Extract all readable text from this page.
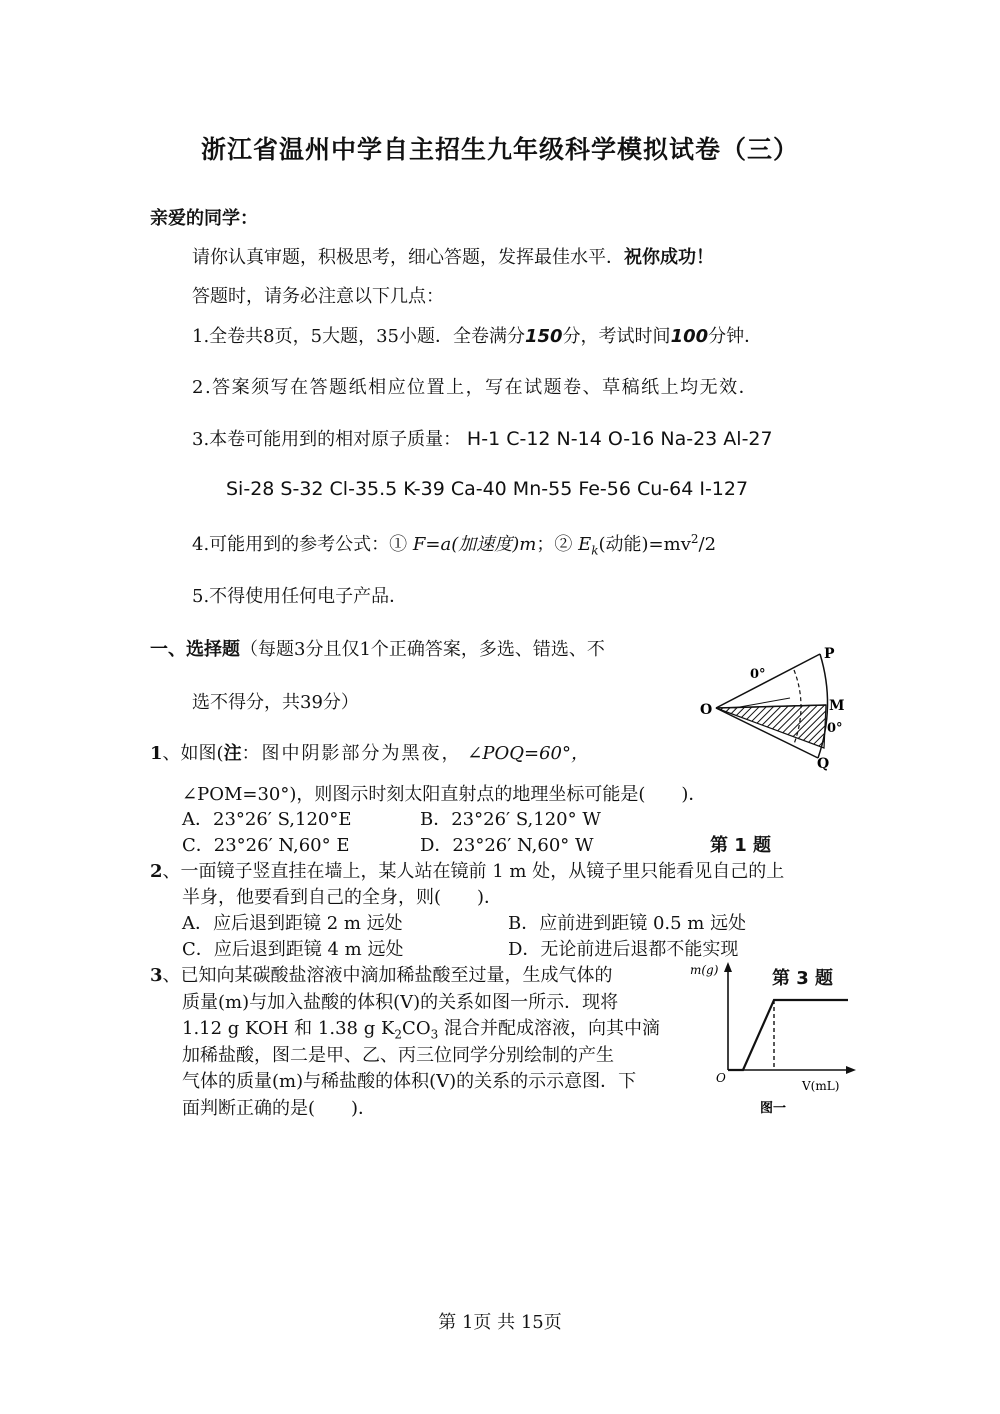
浙江省温州中学自主招生九年级科学模拟试卷（三）
亲爱的同学：
请你认真审题，积极思考，细心答题，发挥最佳水平．祝你成功！
答题时，请务必注意以下几点：
1.全卷共8页，5大题，35小题．全卷满分150分，考试时间100分钟．
2.答案须写在答题纸相应位置上，写在试题卷、草稿纸上均无效．
3.本卷可能用到的相对原子质量： H-1 C-12 N-14 O-16 Na-23 Al-27
Si-28 S-32 Cl-35.5 K-39 Ca-40 Mn-55 Fe-56 Cu-64 I-127
4.可能用到的参考公式：① F=a(加速度)m；② $E_k$(动能)$=mv^2/2$
5.不得使用任何电子产品．
一、选择题（每题3分且仅1个正确答案，多选、错选、不
选不得分，共39分）
P
O	M
Q
0°
0°
1、如图(注：图中阴影部分为黑夜， ∠POQ=60°，
∠POM=30°)，则图示时刻太阳直射点的地理坐标可能是(　　)．
A．23°26′ S,120°E	B．23°26′ S,120° W
C．23°26′ N,60° E	D．23°26′ N,60° W	第 1 题
2、一面镜子竖直挂在墙上，某人站在镜前 1 m 处，从镜子里只能看见自己的上
半身，他要看到自己的全身，则(　　)．
A．应后退到距镜 2 m 远处	B．应前进到距镜 0.5 m 远处
C．应后退到距镜 4 m 远处	D．无论前进后退都不能实现
3、已知向某碳酸盐溶液中滴加稀盐酸至过量，生成气体的
质量(m)与加入盐酸的体积(V)的关系如图一所示．现将
1.12 g KOH 和 1.38 g $K_2CO_3$ 混合并配成溶液，向其中滴
加稀盐酸，图二是甲、乙、丙三位同学分别绘制的产生
气体的质量(m)与稀盐酸的体积(V)的关系的示示意图．下
面判断正确的是(　　)．
第 3 题
m(g)
O
V(mL)
图一
第 1页 共 15页
